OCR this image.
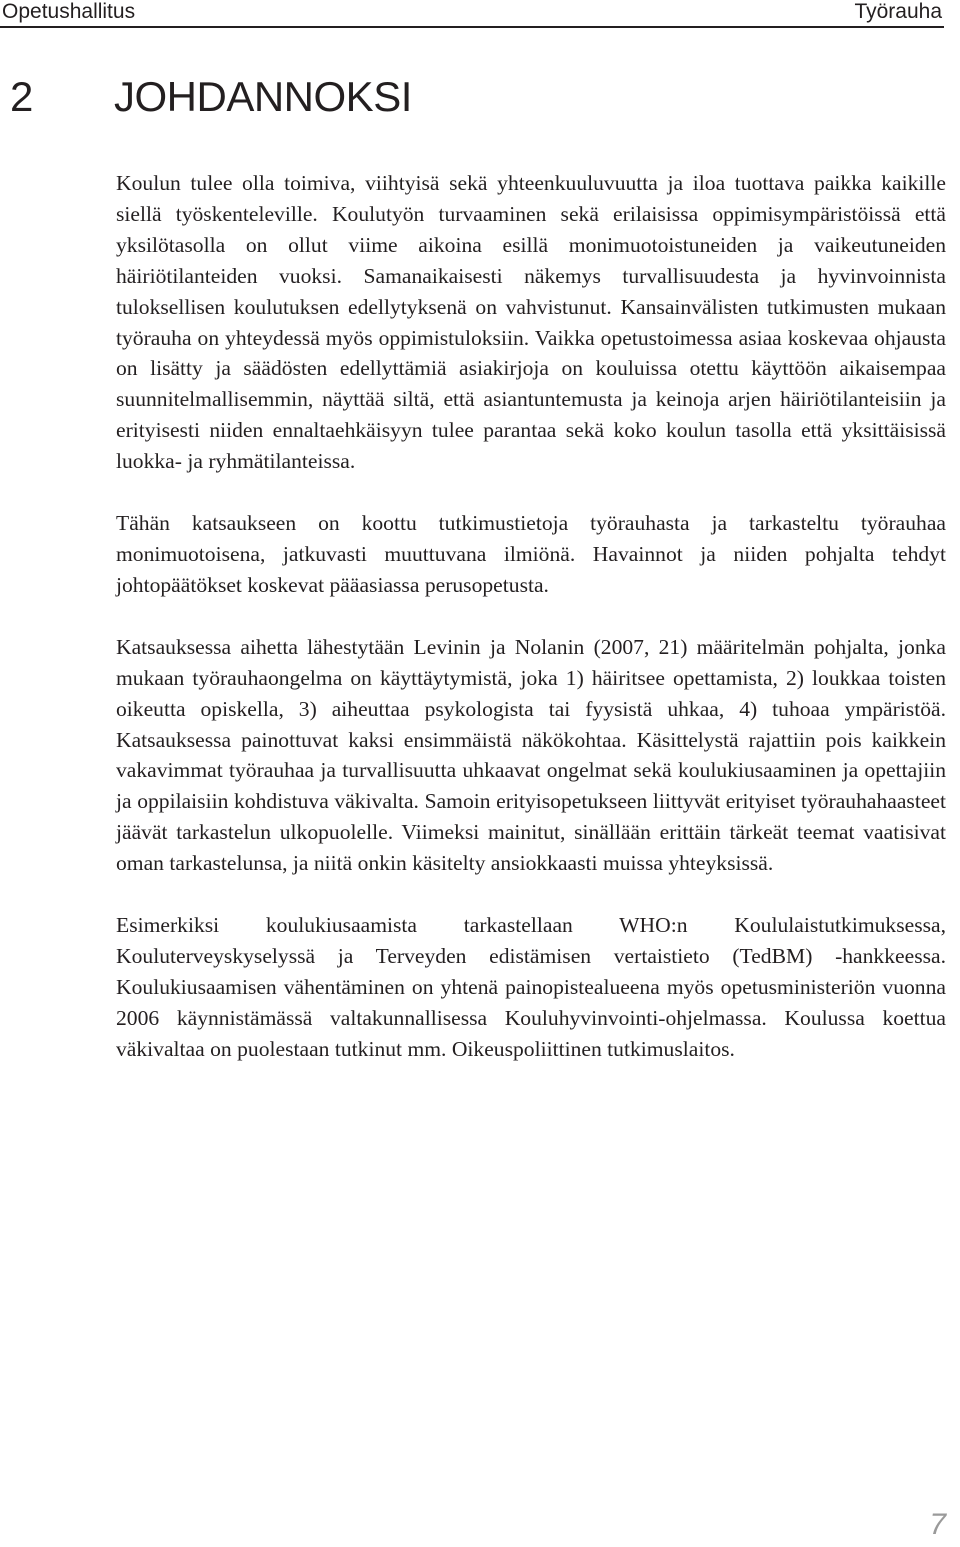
Opetushallitus	Työrauha
2 JOHDANNOKSI

Koulun tulee olla toimiva, viihtyisä sekä yhteenkuuluvuutta ja iloa tuottava paikka kaikille siellä työskenteleville. Koulutyön turvaaminen sekä erilaisissa oppimisympäristöissä että yksilötasolla on ollut viime aikoina esillä monimuotoistuneiden ja vaikeutuneiden häiriötilanteiden vuoksi. Samanaikaisesti näkemys turvallisuudesta ja hyvinvoinnista tuloksellisen koulutuksen edellytyksenä on vahvistunut. Kansainvälisten tutkimusten mukaan työrauha on yhteydessä myös oppimistuloksiin. Vaikka opetustoimessa asiaa koskevaa ohjausta on lisätty ja säädösten edellyttämiä asiakirjoja on kouluissa otettu käyttöön aikaisempaa suunnitelmallisemmin, näyttää siltä, että asiantuntemusta ja keinoja arjen häiriötilanteisiin ja erityisesti niiden ennaltaehkäisyyn tulee parantaa sekä koko koulun tasolla että yksittäisissä luokka- ja ryhmätilanteissa.

Tähän katsaukseen on koottu tutkimustietoja työrauhasta ja tarkasteltu työrauhaa monimuotoisena, jatkuvasti muuttuvana ilmiönä. Havainnot ja niiden pohjalta tehdyt johtopäätökset koskevat pääasiassa perusopetusta.

Katsauksessa aihetta lähestytään Levinin ja Nolanin (2007, 21) määritelmän pohjalta, jonka mukaan työrauhaongelma on käyttäytymistä, joka 1) häiritsee opettamista, 2) loukkaa toisten oikeutta opiskella, 3) aiheuttaa psykologista tai fyysistä uhkaa, 4) tuhoaa ympäristöä. Katsauksessa painottuvat kaksi ensimmäistä näkökohtaa. Käsittelystä rajattiin pois kaikkein vakavimmat työrauhaa ja turvallisuutta uhkaavat ongelmat sekä koulukiusaaminen ja opettajiin ja oppilaisiin kohdistuva väkivalta. Samoin erityisopetukseen liittyvät erityiset työrauhahaasteet jäävät tarkastelun ulkopuolelle. Viimeksi mainitut, sinällään erittäin tärkeät teemat vaatisivat oman tarkastelunsa, ja niitä onkin käsitelty ansiokkaasti muissa yhteyksissä.

Esimerkiksi koulukiusaamista tarkastellaan WHO:n Koululaistutkimuksessa, Kouluterveyskyselyssä ja Terveyden edistämisen vertaistieto (TedBM) -hankkeessa. Koulukiusaamisen vähentäminen on yhtenä painopistealueena myös opetusministeriön vuonna 2006 käynnistämässä valtakunnallisessa Kouluhyvinvointi-ohjelmassa. Koulussa koettua väkivaltaa on puolestaan tutkinut mm. Oikeuspoliittinen tutkimuslaitos.

7
